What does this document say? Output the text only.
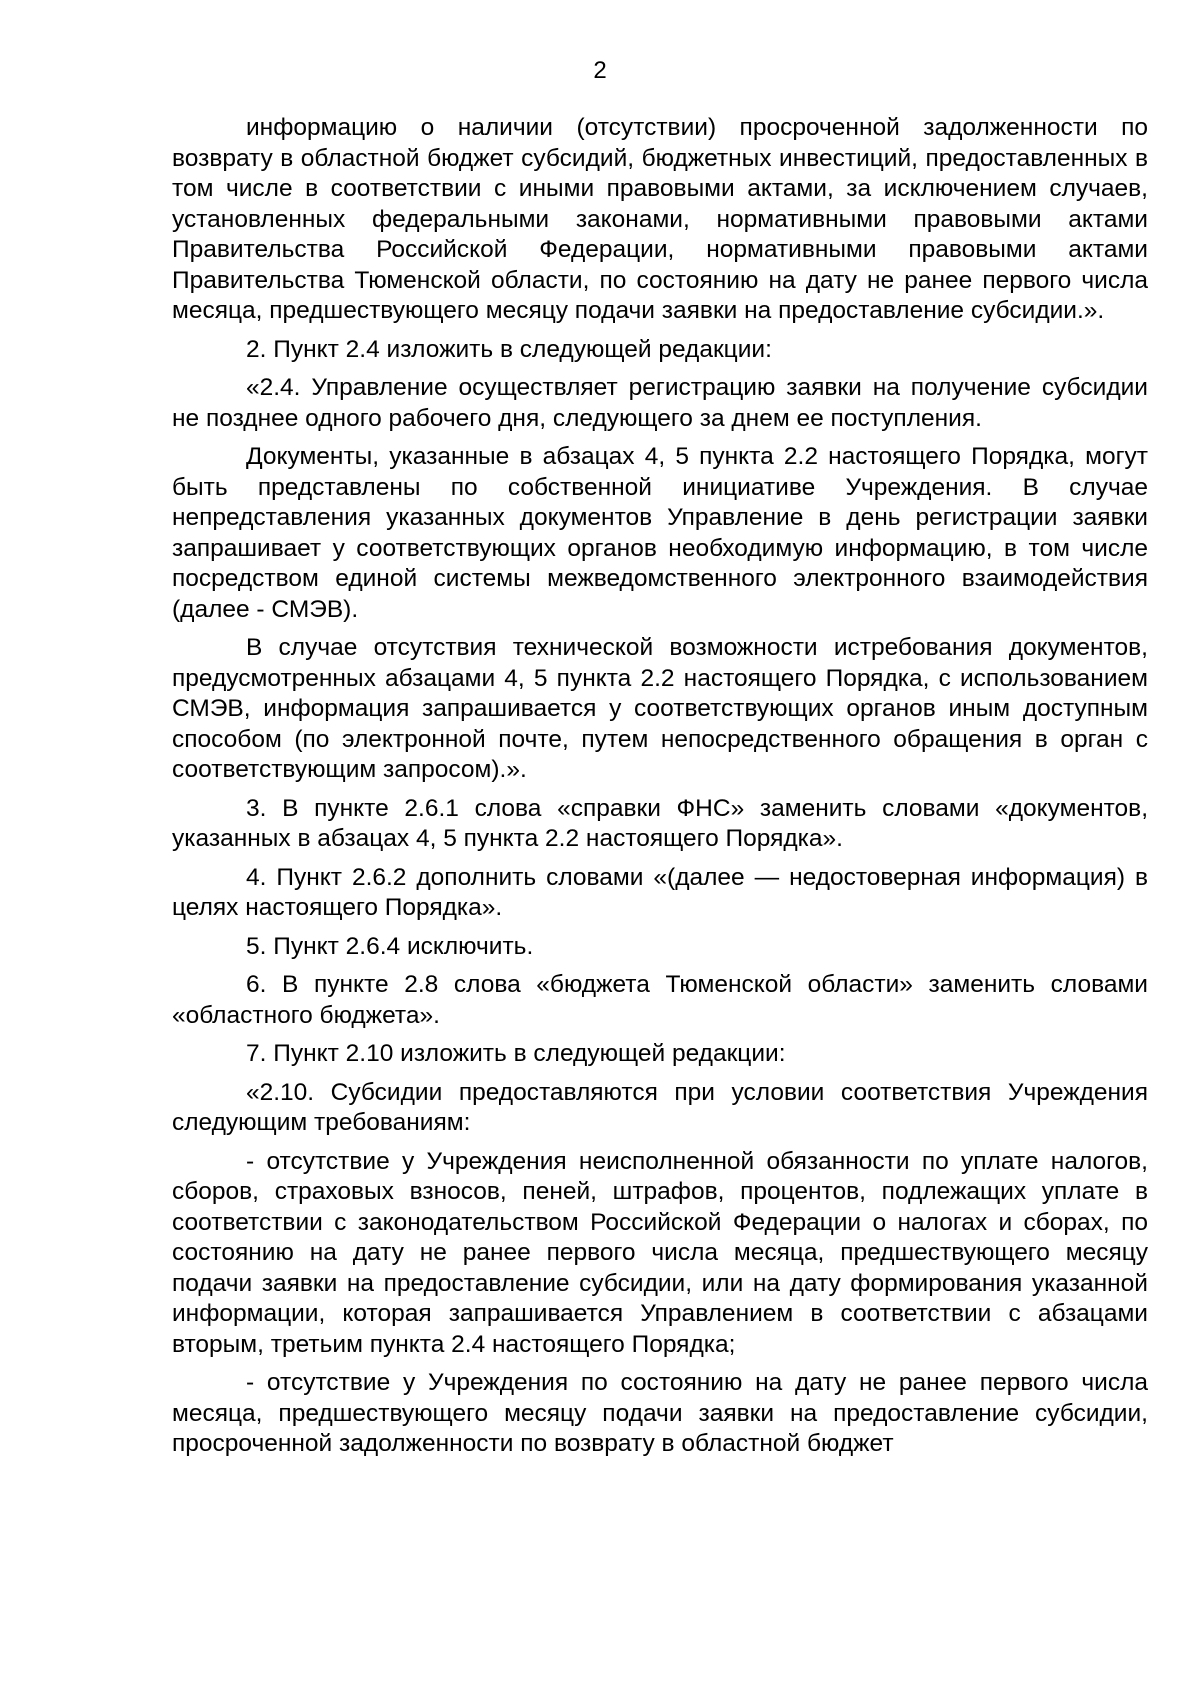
2

информацию о наличии (отсутствии) просроченной задолженности по возврату в областной бюджет субсидий, бюджетных инвестиций, предоставленных в том числе в соответствии с иными правовыми актами, за исключением случаев, установленных федеральными законами, нормативными правовыми актами Правительства Российской Федерации, нормативными правовыми актами Правительства Тюменской области, по состоянию на дату не ранее первого числа месяца, предшествующего месяцу подачи заявки на предоставление субсидии.».

2. Пункт 2.4 изложить в следующей редакции:

«2.4. Управление осуществляет регистрацию заявки на получение субсидии не позднее одного рабочего дня, следующего за днем ее поступления.

Документы, указанные в абзацах 4, 5 пункта 2.2 настоящего Порядка, могут быть представлены по собственной инициативе Учреждения. В случае непредставления указанных документов Управление в день регистрации заявки запрашивает у соответствующих органов необходимую информацию, в том числе посредством единой системы межведомственного электронного взаимодействия (далее - СМЭВ).

В случае отсутствия технической возможности истребования документов, предусмотренных абзацами 4, 5 пункта 2.2 настоящего Порядка, с использованием СМЭВ, информация запрашивается у соответствующих органов иным доступным способом (по электронной почте, путем непосредственного обращения в орган с соответствующим запросом).».

3. В пункте 2.6.1 слова «справки ФНС» заменить словами «документов, указанных в абзацах 4, 5 пункта 2.2 настоящего Порядка».

4. Пункт 2.6.2 дополнить словами «(далее — недостоверная информация) в целях настоящего Порядка».

5. Пункт 2.6.4 исключить.

6. В пункте 2.8 слова «бюджета Тюменской области» заменить словами «областного бюджета».

7. Пункт 2.10 изложить в следующей редакции:

«2.10. Субсидии предоставляются при условии соответствия Учреждения следующим требованиям:

- отсутствие у Учреждения неисполненной обязанности по уплате налогов, сборов, страховых взносов, пеней, штрафов, процентов, подлежащих уплате в соответствии с законодательством Российской Федерации о налогах и сборах, по состоянию на дату не ранее первого числа месяца, предшествующего месяцу подачи заявки на предоставление субсидии, или на дату формирования указанной информации, которая запрашивается Управлением в соответствии с абзацами вторым, третьим пункта 2.4 настоящего Порядка;

- отсутствие у Учреждения по состоянию на дату не ранее первого числа месяца, предшествующего месяцу подачи заявки на предоставление субсидии, просроченной задолженности по возврату в областной бюджет
